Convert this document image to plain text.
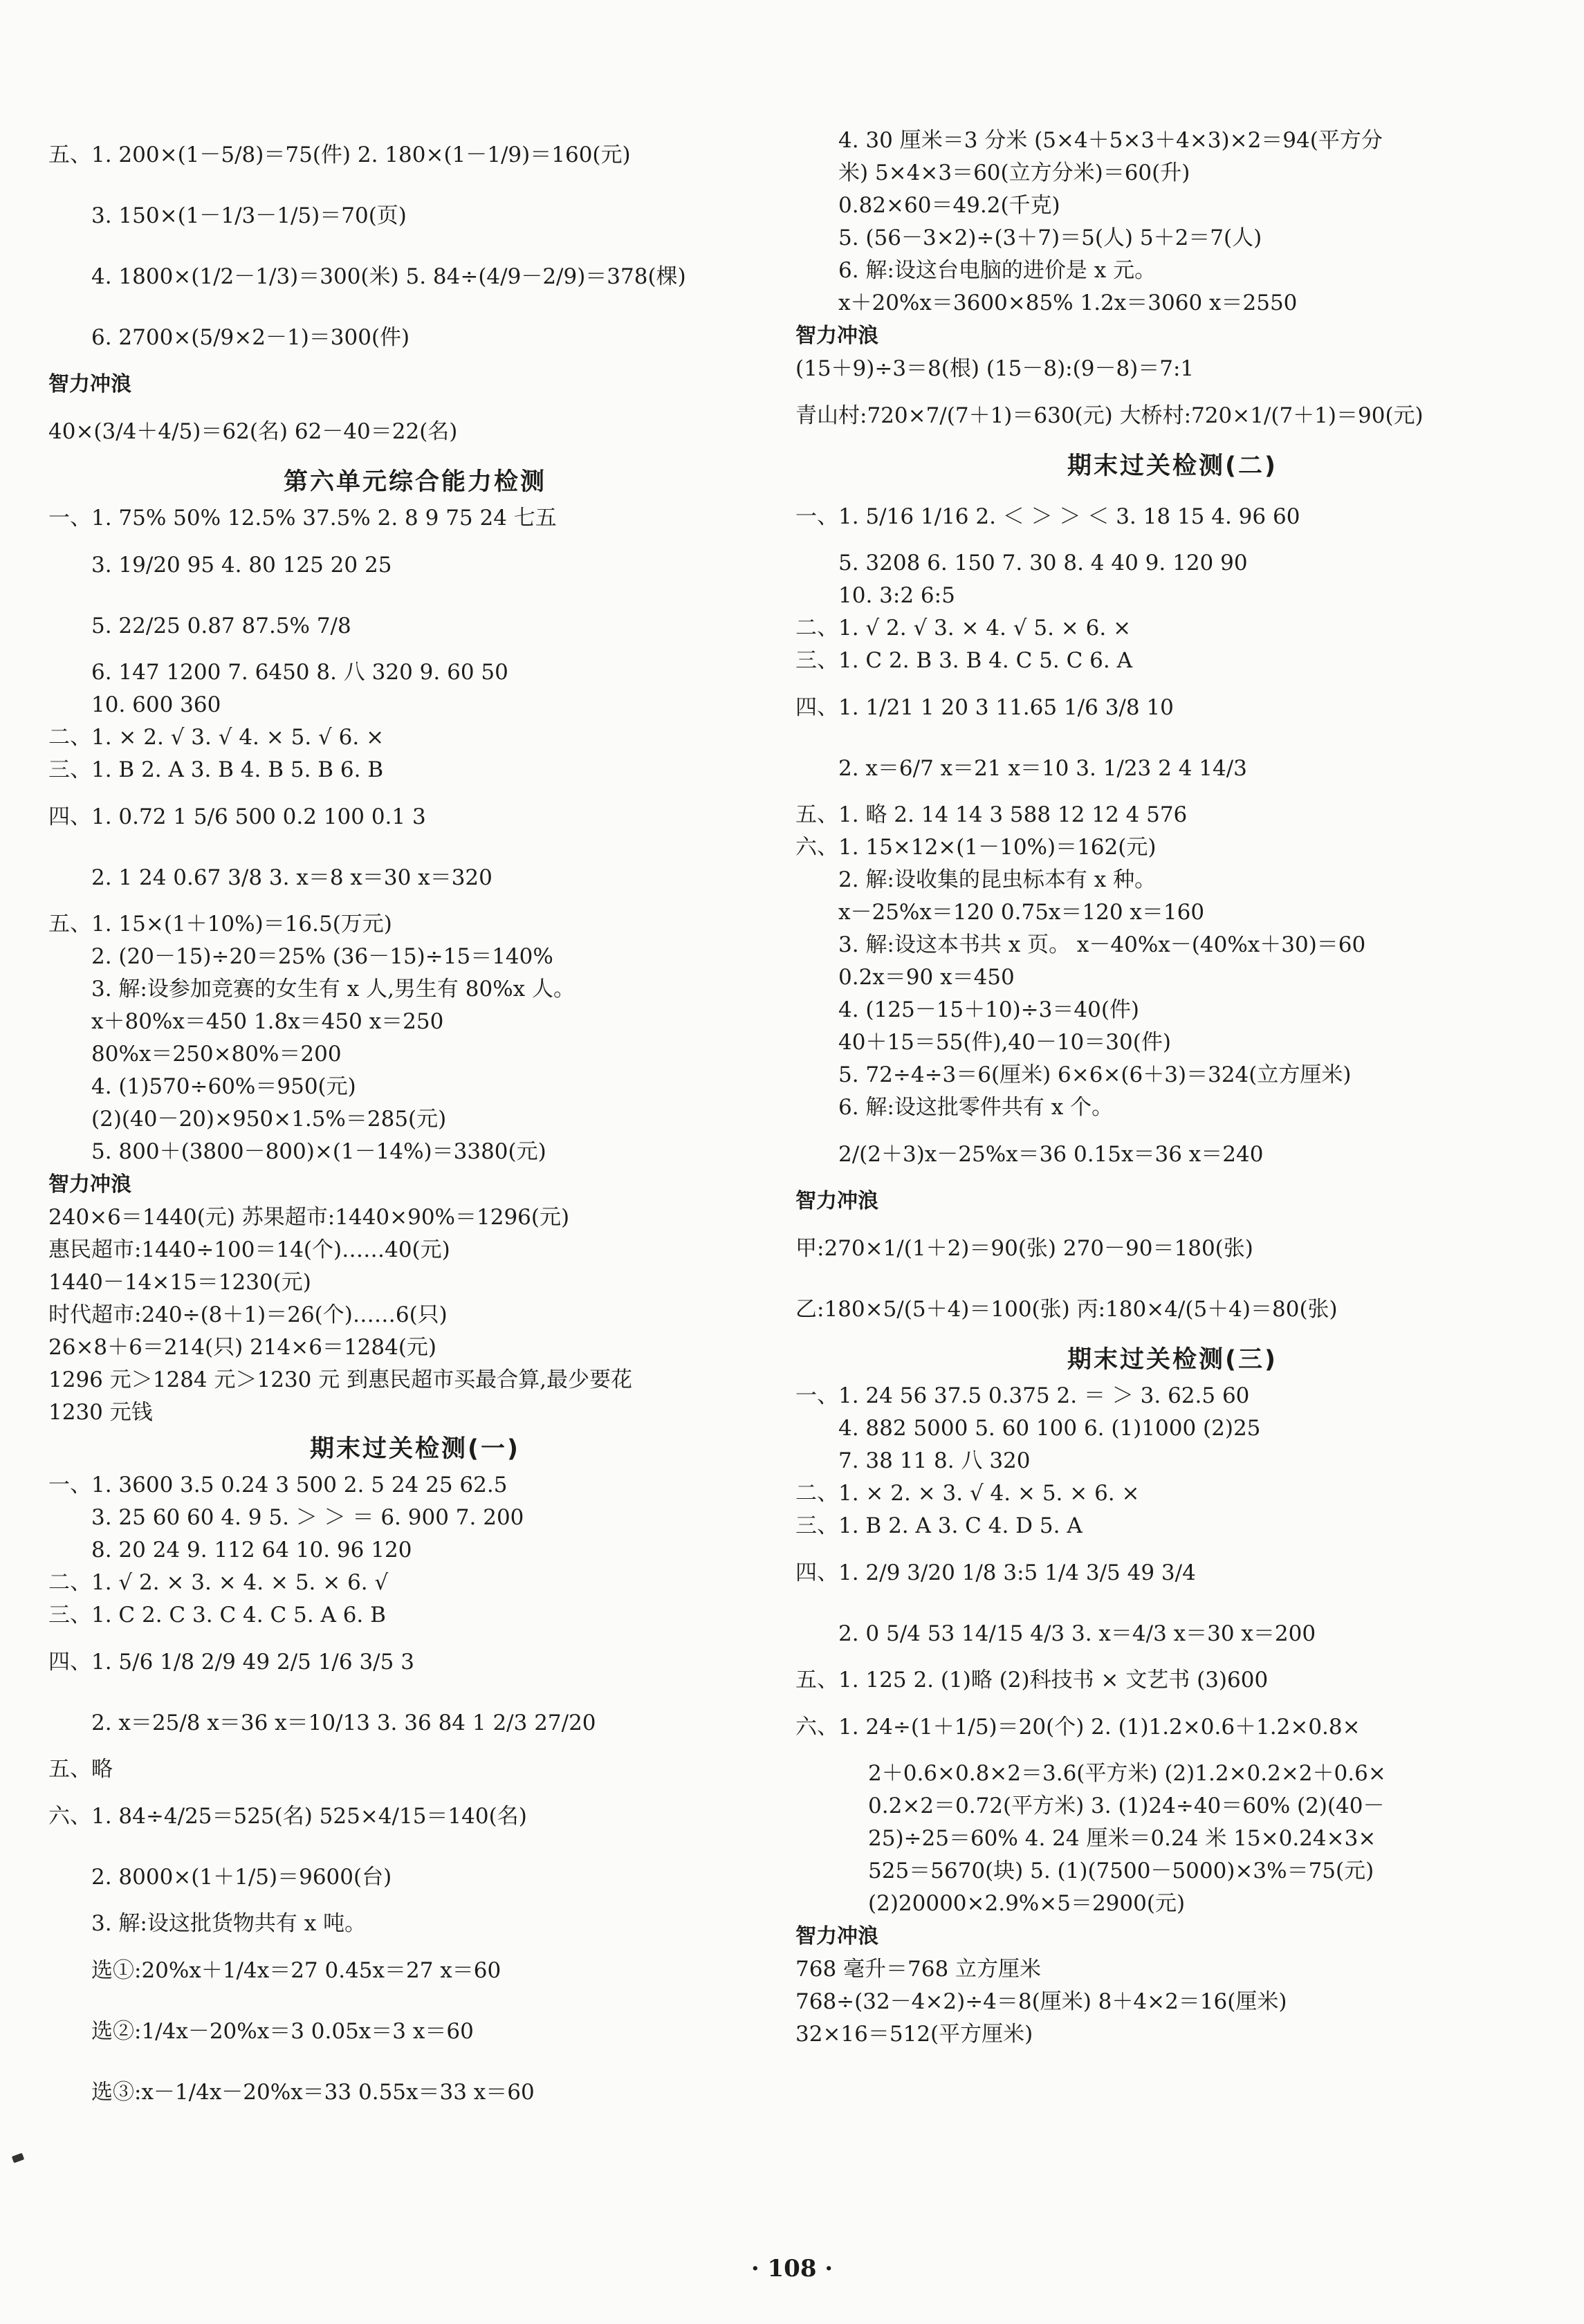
五、1. 200×(1－5/8)＝75(件) 2. 180×(1－1/9)＝160(元)
3. 150×(1－1/3－1/5)＝70(页)
4. 1800×(1/2－1/3)＝300(米) 5. 84÷(4/9－2/9)＝378(棵)
6. 2700×(5/9×2－1)＝300(件)
智力冲浪
40×(3/4＋4/5)＝62(名) 62－40＝22(名)
第六单元综合能力检测
一、1. 75% 50% 12.5% 37.5% 2. 8 9 75 24 七五
3. 19/20 95 4. 80 125 20 25
5. 22/25 0.87 87.5% 7/8
6. 147 1200 7. 6450 8. 八 320 9. 60 50
10. 600 360
二、1. × 2. √ 3. √ 4. × 5. √ 6. ×
三、1. B 2. A 3. B 4. B 5. B 6. B
四、1. 0.72 1 5/6 500 0.2 100 0.1 3
2. 1 24 0.67 3/8 3. x＝8 x＝30 x＝320
五、1. 15×(1＋10%)＝16.5(万元)
2. (20－15)÷20＝25% (36－15)÷15＝140%
3. 解:设参加竞赛的女生有 x 人,男生有 80%x 人。
x＋80%x＝450 1.8x＝450 x＝250
80%x＝250×80%＝200
4. (1)570÷60%＝950(元)
(2)(40－20)×950×1.5%＝285(元)
5. 800＋(3800－800)×(1－14%)＝3380(元)
智力冲浪
240×6＝1440(元) 苏果超市:1440×90%＝1296(元)
惠民超市:1440÷100＝14(个)……40(元)
1440－14×15＝1230(元)
时代超市:240÷(8＋1)＝26(个)……6(只)
26×8＋6＝214(只) 214×6＝1284(元)
1296 元＞1284 元＞1230 元 到惠民超市买最合算,最少要花
1230 元钱
期末过关检测(一)
一、1. 3600 3.5 0.24 3 500 2. 5 24 25 62.5
3. 25 60 60 4. 9 5. ＞ ＞ ＝ 6. 900 7. 200
8. 20 24 9. 112 64 10. 96 120
二、1. √ 2. × 3. × 4. × 5. × 6. √
三、1. C 2. C 3. C 4. C 5. A 6. B
四、1. 5/6 1/8 2/9 49 2/5 1/6 3/5 3
2. x＝25/8 x＝36 x＝10/13 3. 36 84 1 2/3 27/20
五、略
六、1. 84÷4/25＝525(名) 525×4/15＝140(名)
2. 8000×(1＋1/5)＝9600(台)
3. 解:设这批货物共有 x 吨。
选①:20%x＋1/4x＝27 0.45x＝27 x＝60
选②:1/4x－20%x＝3 0.05x＝3 x＝60
选③:x－1/4x－20%x＝33 0.55x＝33 x＝60
4. 30 厘米＝3 分米 (5×4＋5×3＋4×3)×2＝94(平方分
米) 5×4×3＝60(立方分米)＝60(升)
0.82×60＝49.2(千克)
5. (56－3×2)÷(3＋7)＝5(人) 5＋2＝7(人)
6. 解:设这台电脑的进价是 x 元。
x＋20%x＝3600×85% 1.2x＝3060 x＝2550
智力冲浪
(15＋9)÷3＝8(根) (15－8):(9－8)＝7:1
青山村:720×7/(7＋1)＝630(元) 大桥村:720×1/(7＋1)＝90(元)
期末过关检测(二)
一、1. 5/16 1/16 2. ＜ ＞ ＞ ＜ 3. 18 15 4. 96 60
5. 3208 6. 150 7. 30 8. 4 40 9. 120 90
10. 3:2 6:5
二、1. √ 2. √ 3. × 4. √ 5. × 6. ×
三、1. C 2. B 3. B 4. C 5. C 6. A
四、1. 1/21 1 20 3 11.65 1/6 3/8 10
2. x＝6/7 x＝21 x＝10 3. 1/23 2 4 14/3
五、1. 略 2. 14 14 3 588 12 12 4 576
六、1. 15×12×(1－10%)＝162(元)
2. 解:设收集的昆虫标本有 x 种。
x－25%x＝120 0.75x＝120 x＝160
3. 解:设这本书共 x 页。 x－40%x－(40%x＋30)＝60
0.2x＝90 x＝450
4. (125－15＋10)÷3＝40(件)
40＋15＝55(件),40－10＝30(件)
5. 72÷4÷3＝6(厘米) 6×6×(6＋3)＝324(立方厘米)
6. 解:设这批零件共有 x 个。
2/(2＋3)x－25%x＝36 0.15x＝36 x＝240
智力冲浪
甲:270×1/(1＋2)＝90(张) 270－90＝180(张)
乙:180×5/(5＋4)＝100(张) 丙:180×4/(5＋4)＝80(张)
期末过关检测(三)
一、1. 24 56 37.5 0.375 2. ＝ ＞ 3. 62.5 60
4. 882 5000 5. 60 100 6. (1)1000 (2)25
7. 38 11 8. 八 320
二、1. × 2. × 3. √ 4. × 5. × 6. ×
三、1. B 2. A 3. C 4. D 5. A
四、1. 2/9 3/20 1/8 3:5 1/4 3/5 49 3/4
2. 0 5/4 53 14/15 4/3 3. x＝4/3 x＝30 x＝200
五、1. 125 2. (1)略 (2)科技书 × 文艺书 (3)600
六、1. 24÷(1＋1/5)＝20(个) 2. (1)1.2×0.6＋1.2×0.8×
2＋0.6×0.8×2＝3.6(平方米) (2)1.2×0.2×2＋0.6×
0.2×2＝0.72(平方米) 3. (1)24÷40＝60% (2)(40－
25)÷25＝60% 4. 24 厘米＝0.24 米 15×0.24×3×
525＝5670(块) 5. (1)(7500－5000)×3%＝75(元)
(2)20000×2.9%×5＝2900(元)
智力冲浪
768 毫升＝768 立方厘米
768÷(32－4×2)÷4＝8(厘米) 8＋4×2＝16(厘米)
32×16＝512(平方厘米)
· 108 ·
